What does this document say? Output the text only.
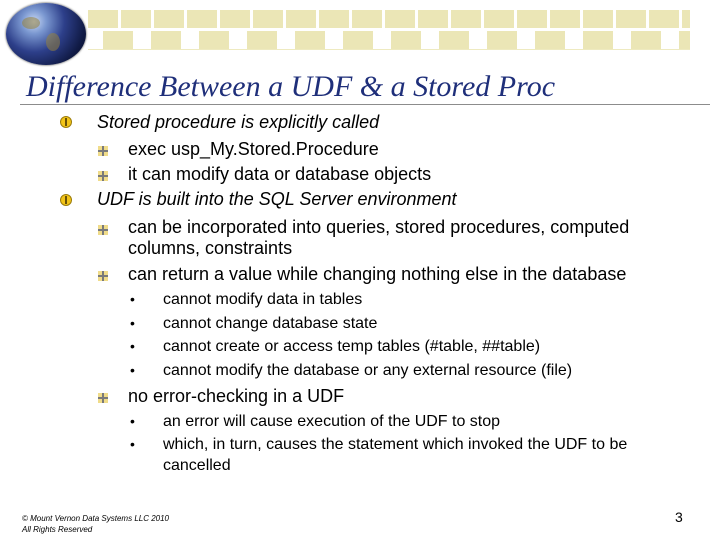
Difference Between a UDF & a Stored Proc
Stored procedure is explicitly called
exec usp_My.Stored.Procedure
it can modify data or database objects
UDF is built into the SQL Server environment
can be incorporated into queries, stored procedures, computed
columns, constraints
can return a value while changing nothing else in the database
• cannot modify data in tables
• cannot change database state
• cannot create or access temp tables (#table, ##table)
• cannot modify the database or any external resource (file)
no error-checking in a UDF
• an error will cause execution of the UDF to stop
• which, in turn, causes the statement which invoked the UDF to be
cancelled
© Mount Vernon Data Systems LLC 2010
All Rights Reserved
3
